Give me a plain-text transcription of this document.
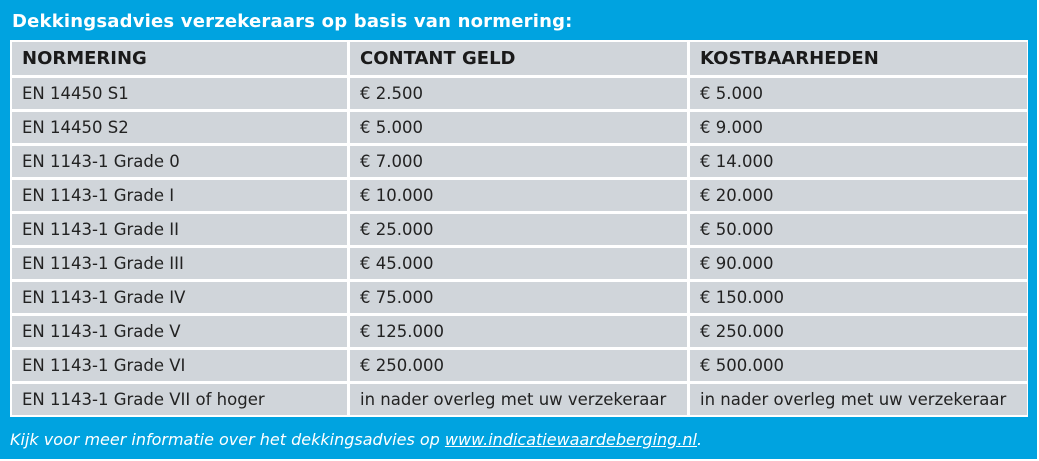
Dekkingsadvies verzekeraars op basis van normering:
NORMERING	CONTANT GELD	KOSTBAARHEDEN
EN 14450 S1	€ 2.500	€ 5.000
EN 14450 S2	€ 5.000	€ 9.000
EN 1143-1 Grade 0	€ 7.000	€ 14.000
EN 1143-1 Grade I	€ 10.000	€ 20.000
EN 1143-1 Grade II	€ 25.000	€ 50.000
EN 1143-1 Grade III	€ 45.000	€ 90.000
EN 1143-1 Grade IV	€ 75.000	€ 150.000
EN 1143-1 Grade V	€ 125.000	€ 250.000
EN 1143-1 Grade VI	€ 250.000	€ 500.000
EN 1143-1 Grade VII of hoger	in nader overleg met uw verzekeraar	in nader overleg met uw verzekeraar
Kijk voor meer informatie over het dekkingsadvies op www.indicatiewaardeberging.nl.
